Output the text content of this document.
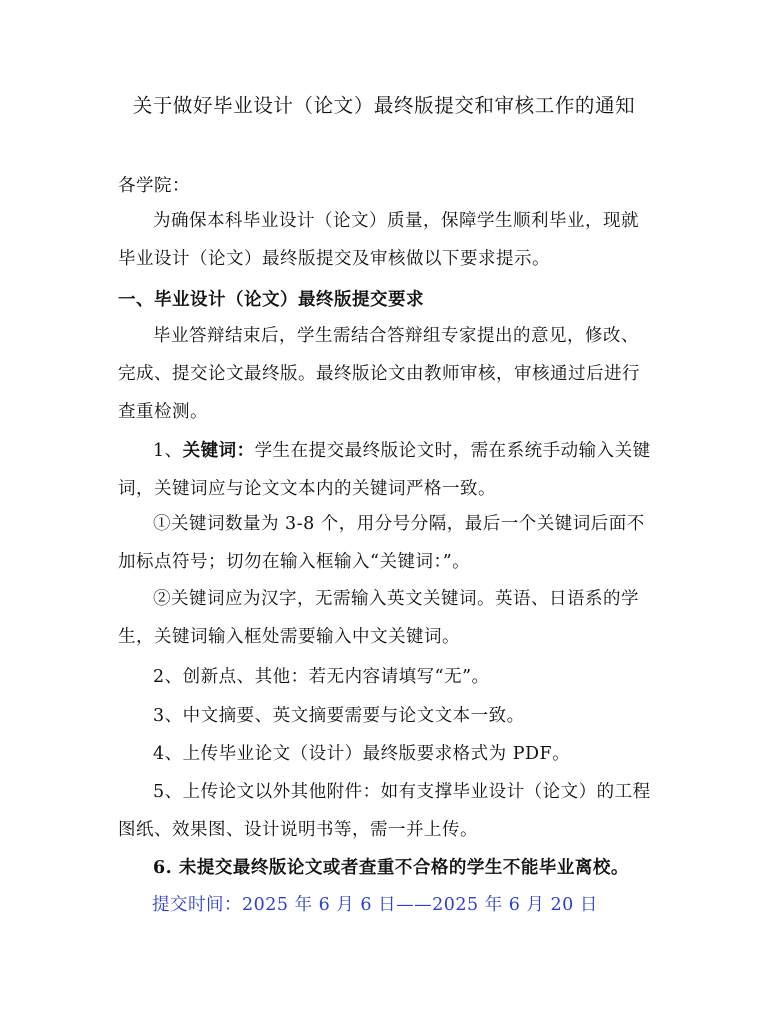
关于做好毕业设计（论文）最终版提交和审核工作的通知
各学院：
为确保本科毕业设计（论文）质量，保障学生顺利毕业，现就毕业设计（论文）最终版提交及审核做以下要求提示。
一、毕业设计（论文）最终版提交要求
毕业答辩结束后，学生需结合答辩组专家提出的意见，修改、完成、提交论文最终版。最终版论文由教师审核，审核通过后进行查重检测。
1、关键词：学生在提交最终版论文时，需在系统手动输入关键词，关键词应与论文文本内的关键词严格一致。
①关键词数量为 3-8 个，用分号分隔，最后一个关键词后面不加标点符号；切勿在输入框输入“关键词：”。
②关键词应为汉字，无需输入英文关键词。英语、日语系的学生，关键词输入框处需要输入中文关键词。
2、创新点、其他：若无内容请填写“无”。
3、中文摘要、英文摘要需要与论文文本一致。
4、上传毕业论文（设计）最终版要求格式为 PDF。
5、上传论文以外其他附件：如有支撑毕业设计（论文）的工程图纸、效果图、设计说明书等，需一并上传。
6. 未提交最终版论文或者查重不合格的学生不能毕业离校。
提交时间：2025 年 6 月 6 日——2025 年 6 月 20 日
